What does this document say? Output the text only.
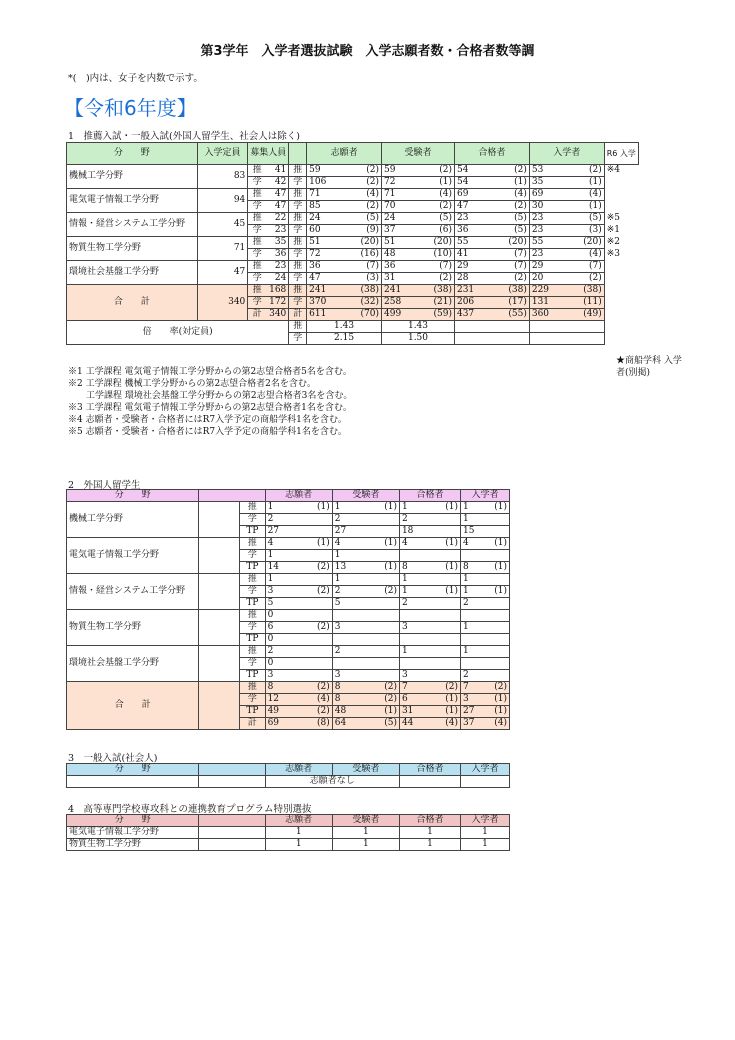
第3学年　入学者選抜試験　入学志願者数・合格者数等調
*(　)内は、女子を内数で示す。
【令和6年度】
1　推薦入試・一般入試(外国人留学生、社会人は除く)
分　　野	入学定員	募集人員			志願者		受験者		合格者		入学者		R6 入学
機械工学分野	83	推	41	推	59	(2)	59	(2)	54	(2)	53	(2)	※4
		学	42	学	106	(2)	72	(1)	54	(1)	35	(1)	
電気電子情報工学分野	94	推	47	推	71	(4)	71	(4)	69	(4)	69	(4)	
		学	47	学	85	(2)	70	(2)	47	(2)	30	(1)	
情報・経営システム工学分野	45	推	22	推	24	(5)	24	(5)	23	(5)	23	(5)	※5
		学	23	学	60	(9)	37	(6)	36	(5)	23	(3)	※1
物質生物工学分野	71	推	35	推	51	(20)	51	(20)	55	(20)	55	(20)	※2
		学	36	学	72	(16)	48	(10)	41	(7)	23	(4)	※3
環境社会基盤工学分野	47	推	23	推	36	(7)	36	(7)	29	(7)	29	(7)	
		学	24	学	47	(3)	31	(2)	28	(2)	20	(2)	
合　　計	340	推	168	推	241	(38)	241	(38)	231	(38)	229	(38)	
		学	172	学	370	(32)	258	(21)	206	(17)	131	(11)	
		計	340	計	611	(70)	499	(59)	437	(55)	360	(49)	
倍　　率(対定員)				推	1.43		1.43						
				学	2.15		1.50						
★商船学科 入学者(別掲)
※1 工学課程 電気電子情報工学分野からの第2志望合格者5名を含む。
※2 工学課程 機械工学分野からの第2志望合格者2名を含む。
　　工学課程 環境社会基盤工学分野からの第2志望合格者3名を含む。
※3 工学課程 電気電子情報工学分野からの第2志望合格者1名を含む。
※4 志願者・受験者・合格者にはR7入学予定の商船学科1名を含む。
※5 志願者・受験者・合格者にはR7入学予定の商船学科1名を含む。
2　外国人留学生
分　　野			志願者		受験者		合格者		入学者	
機械工学分野		推	1	(1)	1	(1)	1	(1)	1	(1)
		学	2		2		2		1	
		TP	27		27		18		15	
電気電子情報工学分野		推	4	(1)	4	(1)	4	(1)	4	(1)
		学	1		1					
		TP	14	(2)	13	(1)	8	(1)	8	(1)
情報・経営システム工学分野		推	1		1		1		1	
		学	3	(2)	2	(2)	1	(1)	1	(1)
		TP	5		5		2		2	
物質生物工学分野		推	0							
		学	6	(2)	3		3		1	
		TP	0							
環境社会基盤工学分野		推	2		2		1		1	
		学	0							
		TP	3		3		3		2	
合　　計		推	8	(2)	8	(2)	7	(2)	7	(2)
		学	12	(4)	8	(2)	6	(1)	3	(1)
		TP	49	(2)	48	(1)	31	(1)	27	(1)
		計	69	(8)	64	(5)	44	(4)	37	(4)
3　一般入試(社会人)
分　　野		志願者	受験者	合格者	入学者
		志願者なし			
4　高等専門学校専攻科との連携教育プログラム特別選抜
分　　野		志願者	受験者	合格者	入学者
電気電子情報工学分野		1	1	1	1
物質生物工学分野		1	1	1	1
